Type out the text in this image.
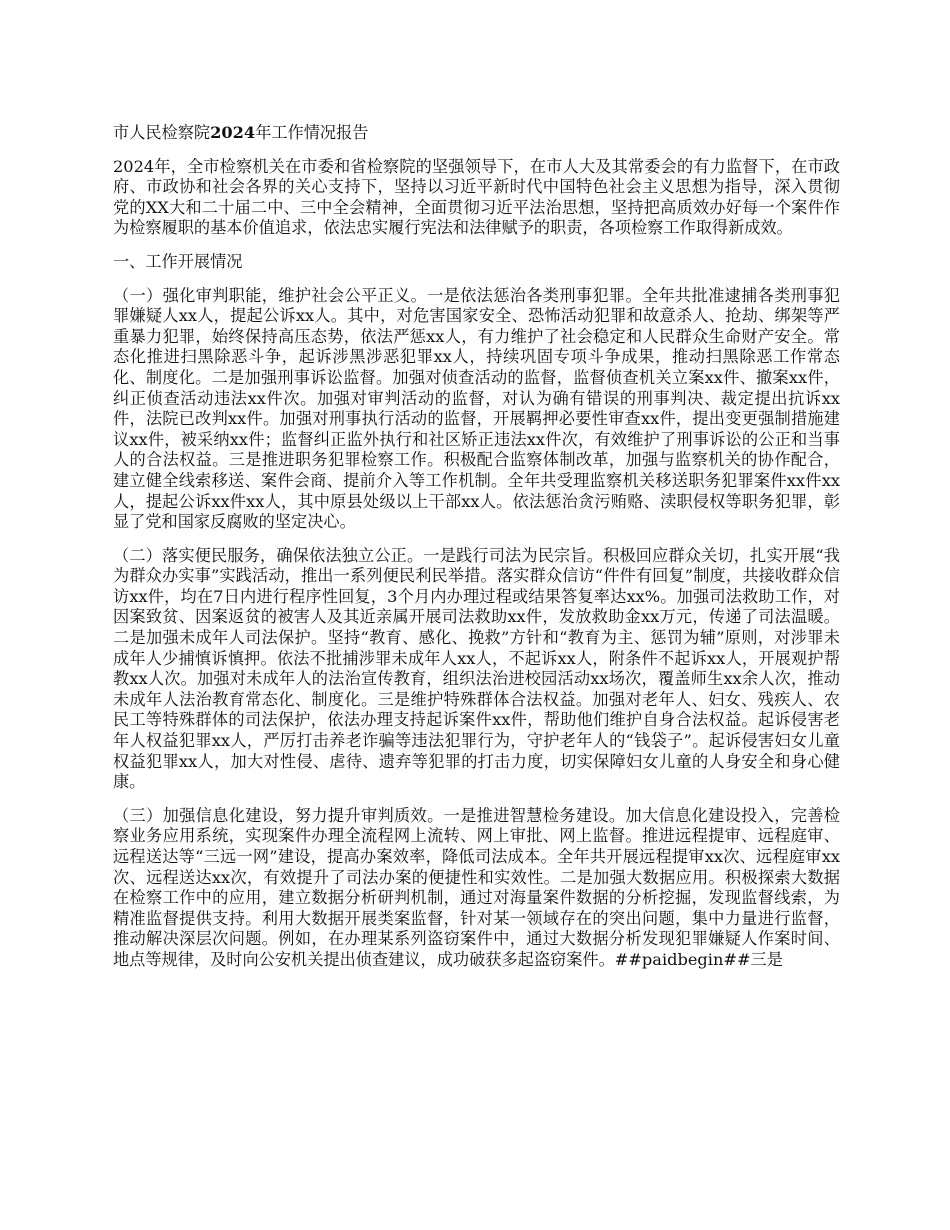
市人民检察院2024年工作情况报告

2024年，全市检察机关在市委和省检察院的坚强领导下，在市人大及其常委会的有力监督下，在市政府、市政协和社会各界的关心支持下，坚持以习近平新时代中国特色社会主义思想为指导，深入贯彻党的XX大和二十届二中、三中全会精神，全面贯彻习近平法治思想，坚持把高质效办好每一个案件作为检察履职的基本价值追求，依法忠实履行宪法和法律赋予的职责，各项检察工作取得新成效。

一、工作开展情况

（一）强化审判职能，维护社会公平正义。一是依法惩治各类刑事犯罪。全年共批准逮捕各类刑事犯罪嫌疑人xx人，提起公诉xx人。其中，对危害国家安全、恐怖活动犯罪和故意杀人、抢劫、绑架等严重暴力犯罪，始终保持高压态势，依法严惩xx人，有力维护了社会稳定和人民群众生命财产安全。常态化推进扫黑除恶斗争，起诉涉黑涉恶犯罪xx人，持续巩固专项斗争成果，推动扫黑除恶工作常态化、制度化。二是加强刑事诉讼监督。加强对侦查活动的监督，监督侦查机关立案xx件、撤案xx件，纠正侦查活动违法xx件次。加强对审判活动的监督，对认为确有错误的刑事判决、裁定提出抗诉xx件，法院已改判xx件。加强对刑事执行活动的监督，开展羁押必要性审查xx件，提出变更强制措施建议xx件，被采纳xx件；监督纠正监外执行和社区矫正违法xx件次，有效维护了刑事诉讼的公正和当事人的合法权益。三是推进职务犯罪检察工作。积极配合监察体制改革，加强与监察机关的协作配合，建立健全线索移送、案件会商、提前介入等工作机制。全年共受理监察机关移送职务犯罪案件xx件xx人，提起公诉xx件xx人，其中原县处级以上干部xx人。依法惩治贪污贿赂、渎职侵权等职务犯罪，彰显了党和国家反腐败的坚定决心。

（二）落实便民服务，确保依法独立公正。一是践行司法为民宗旨。积极回应群众关切，扎实开展“我为群众办实事”实践活动，推出一系列便民利民举措。落实群众信访“件件有回复”制度，共接收群众信访xx件，均在7日内进行程序性回复，3个月内办理过程或结果答复率达xx%。加强司法救助工作，对因案致贫、因案返贫的被害人及其近亲属开展司法救助xx件，发放救助金xx万元，传递了司法温暖。二是加强未成年人司法保护。坚持“教育、感化、挽救”方针和“教育为主、惩罚为辅”原则，对涉罪未成年人少捕慎诉慎押。依法不批捕涉罪未成年人xx人，不起诉xx人，附条件不起诉xx人，开展观护帮教xx人次。加强对未成年人的法治宣传教育，组织法治进校园活动xx场次，覆盖师生xx余人次，推动未成年人法治教育常态化、制度化。三是维护特殊群体合法权益。加强对老年人、妇女、残疾人、农民工等特殊群体的司法保护，依法办理支持起诉案件xx件，帮助他们维护自身合法权益。起诉侵害老年人权益犯罪xx人，严厉打击养老诈骗等违法犯罪行为，守护老年人的“钱袋子”。起诉侵害妇女儿童权益犯罪xx人，加大对性侵、虐待、遗弃等犯罪的打击力度，切实保障妇女儿童的人身安全和身心健康。

（三）加强信息化建设，努力提升审判质效。一是推进智慧检务建设。加大信息化建设投入，完善检察业务应用系统，实现案件办理全流程网上流转、网上审批、网上监督。推进远程提审、远程庭审、远程送达等“三远一网”建设，提高办案效率，降低司法成本。全年共开展远程提审xx次、远程庭审xx次、远程送达xx次，有效提升了司法办案的便捷性和实效性。二是加强大数据应用。积极探索大数据在检察工作中的应用，建立数据分析研判机制，通过对海量案件数据的分析挖掘，发现监督线索，为精准监督提供支持。利用大数据开展类案监督，针对某一领域存在的突出问题，集中力量进行监督，推动解决深层次问题。例如，在办理某系列盗窃案件中，通过大数据分析发现犯罪嫌疑人作案时间、地点等规律，及时向公安机关提出侦查建议，成功破获多起盗窃案件。##paidbegin##三是
